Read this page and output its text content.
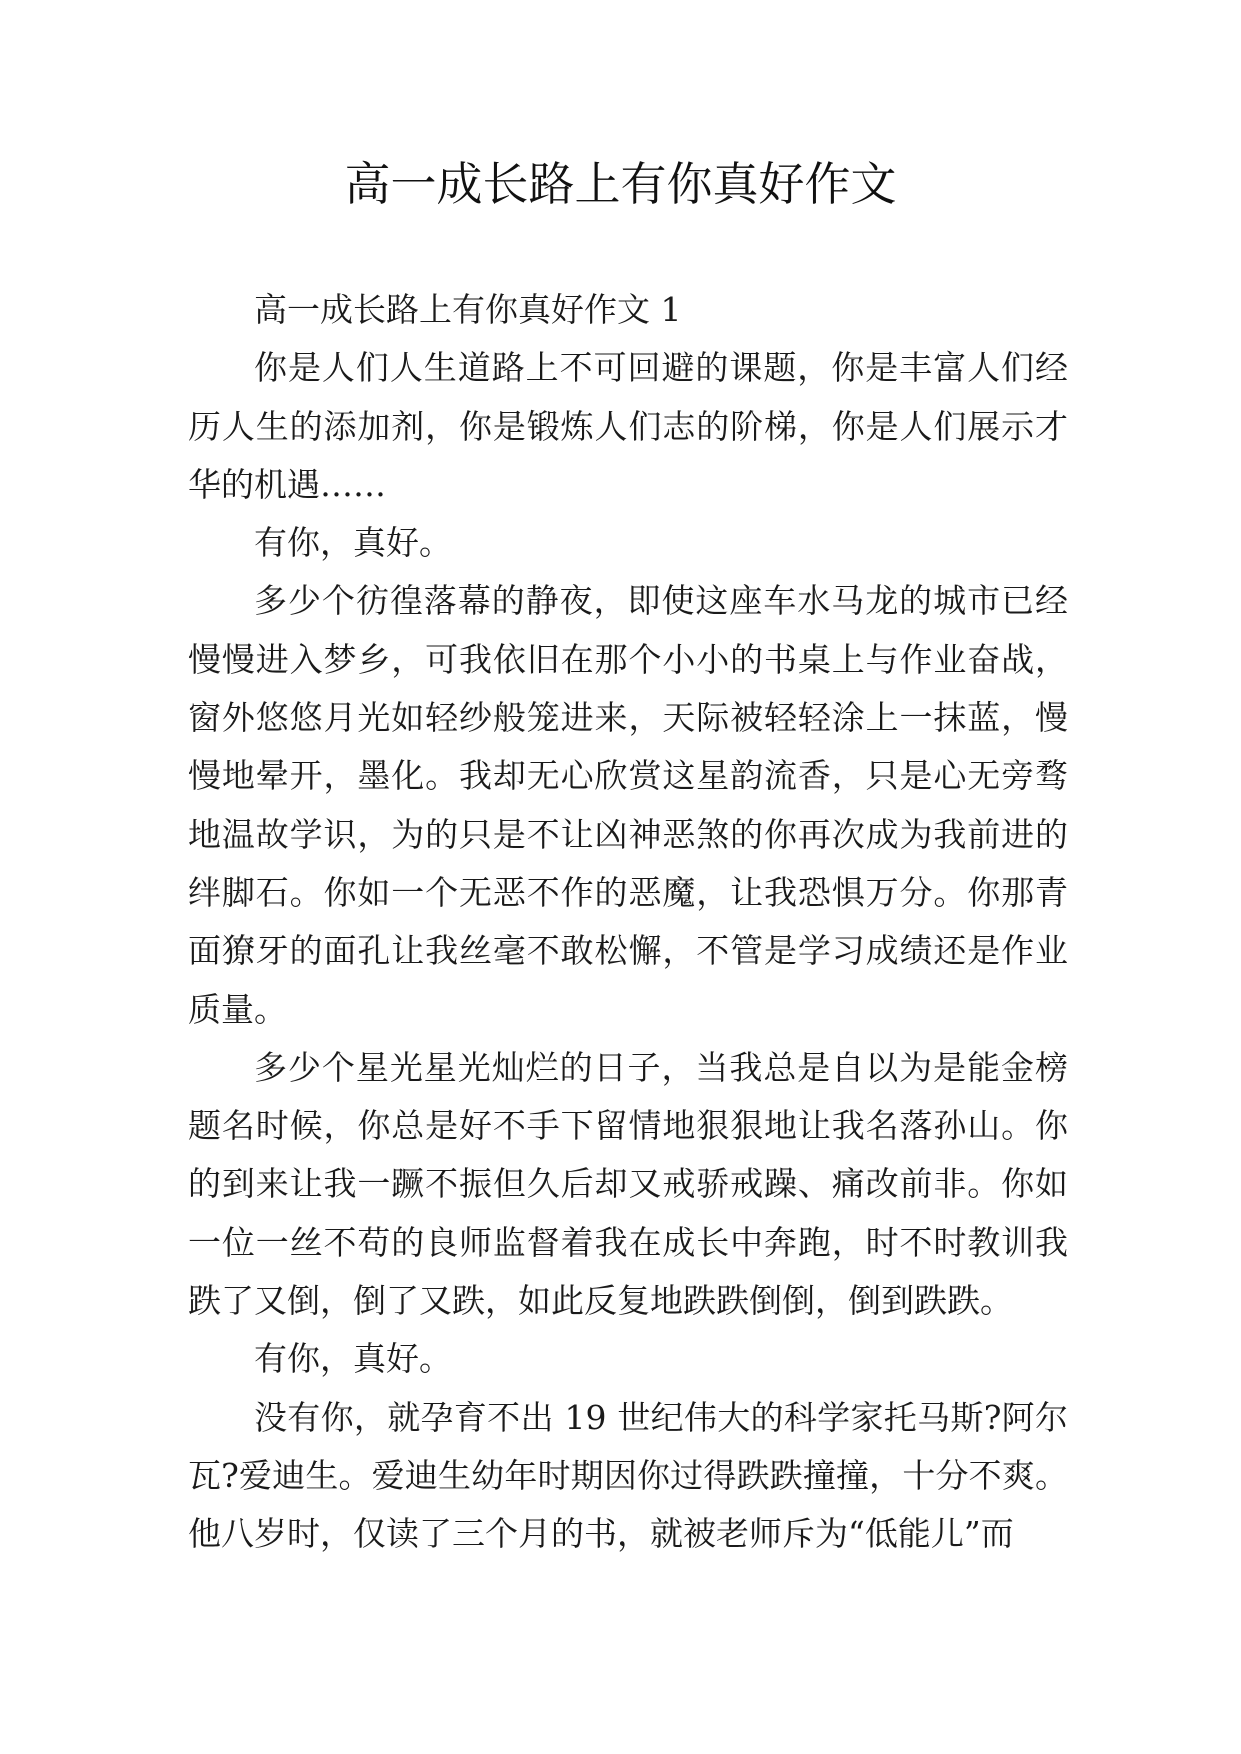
高一成长路上有你真好作文

高一成长路上有你真好作文 1

你是人们人生道路上不可回避的课题，你是丰富人们经历人生的添加剂，你是锻炼人们志的阶梯，你是人们展示才华的机遇……

有你，真好。

多少个彷徨落幕的静夜，即使这座车水马龙的城市已经慢慢进入梦乡，可我依旧在那个小小的书桌上与作业奋战，窗外悠悠月光如轻纱般笼进来，天际被轻轻涂上一抹蓝，慢慢地晕开，墨化。我却无心欣赏这星韵流香，只是心无旁骛地温故学识，为的只是不让凶神恶煞的你再次成为我前进的绊脚石。你如一个无恶不作的恶魔，让我恐惧万分。你那青面獠牙的面孔让我丝毫不敢松懈，不管是学习成绩还是作业质量。

多少个星光星光灿烂的日子，当我总是自以为是能金榜题名时候，你总是好不手下留情地狠狠地让我名落孙山。你的到来让我一蹶不振但久后却又戒骄戒躁、痛改前非。你如一位一丝不苟的良师监督着我在成长中奔跑，时不时教训我跌了又倒，倒了又跌，如此反复地跌跌倒倒，倒到跌跌。

有你，真好。

没有你，就孕育不出 19 世纪伟大的科学家托马斯?阿尔瓦?爱迪生。爱迪生幼年时期因你过得跌跌撞撞，十分不爽。他八岁时，仅读了三个月的书，就被老师斥为“低能儿”而
